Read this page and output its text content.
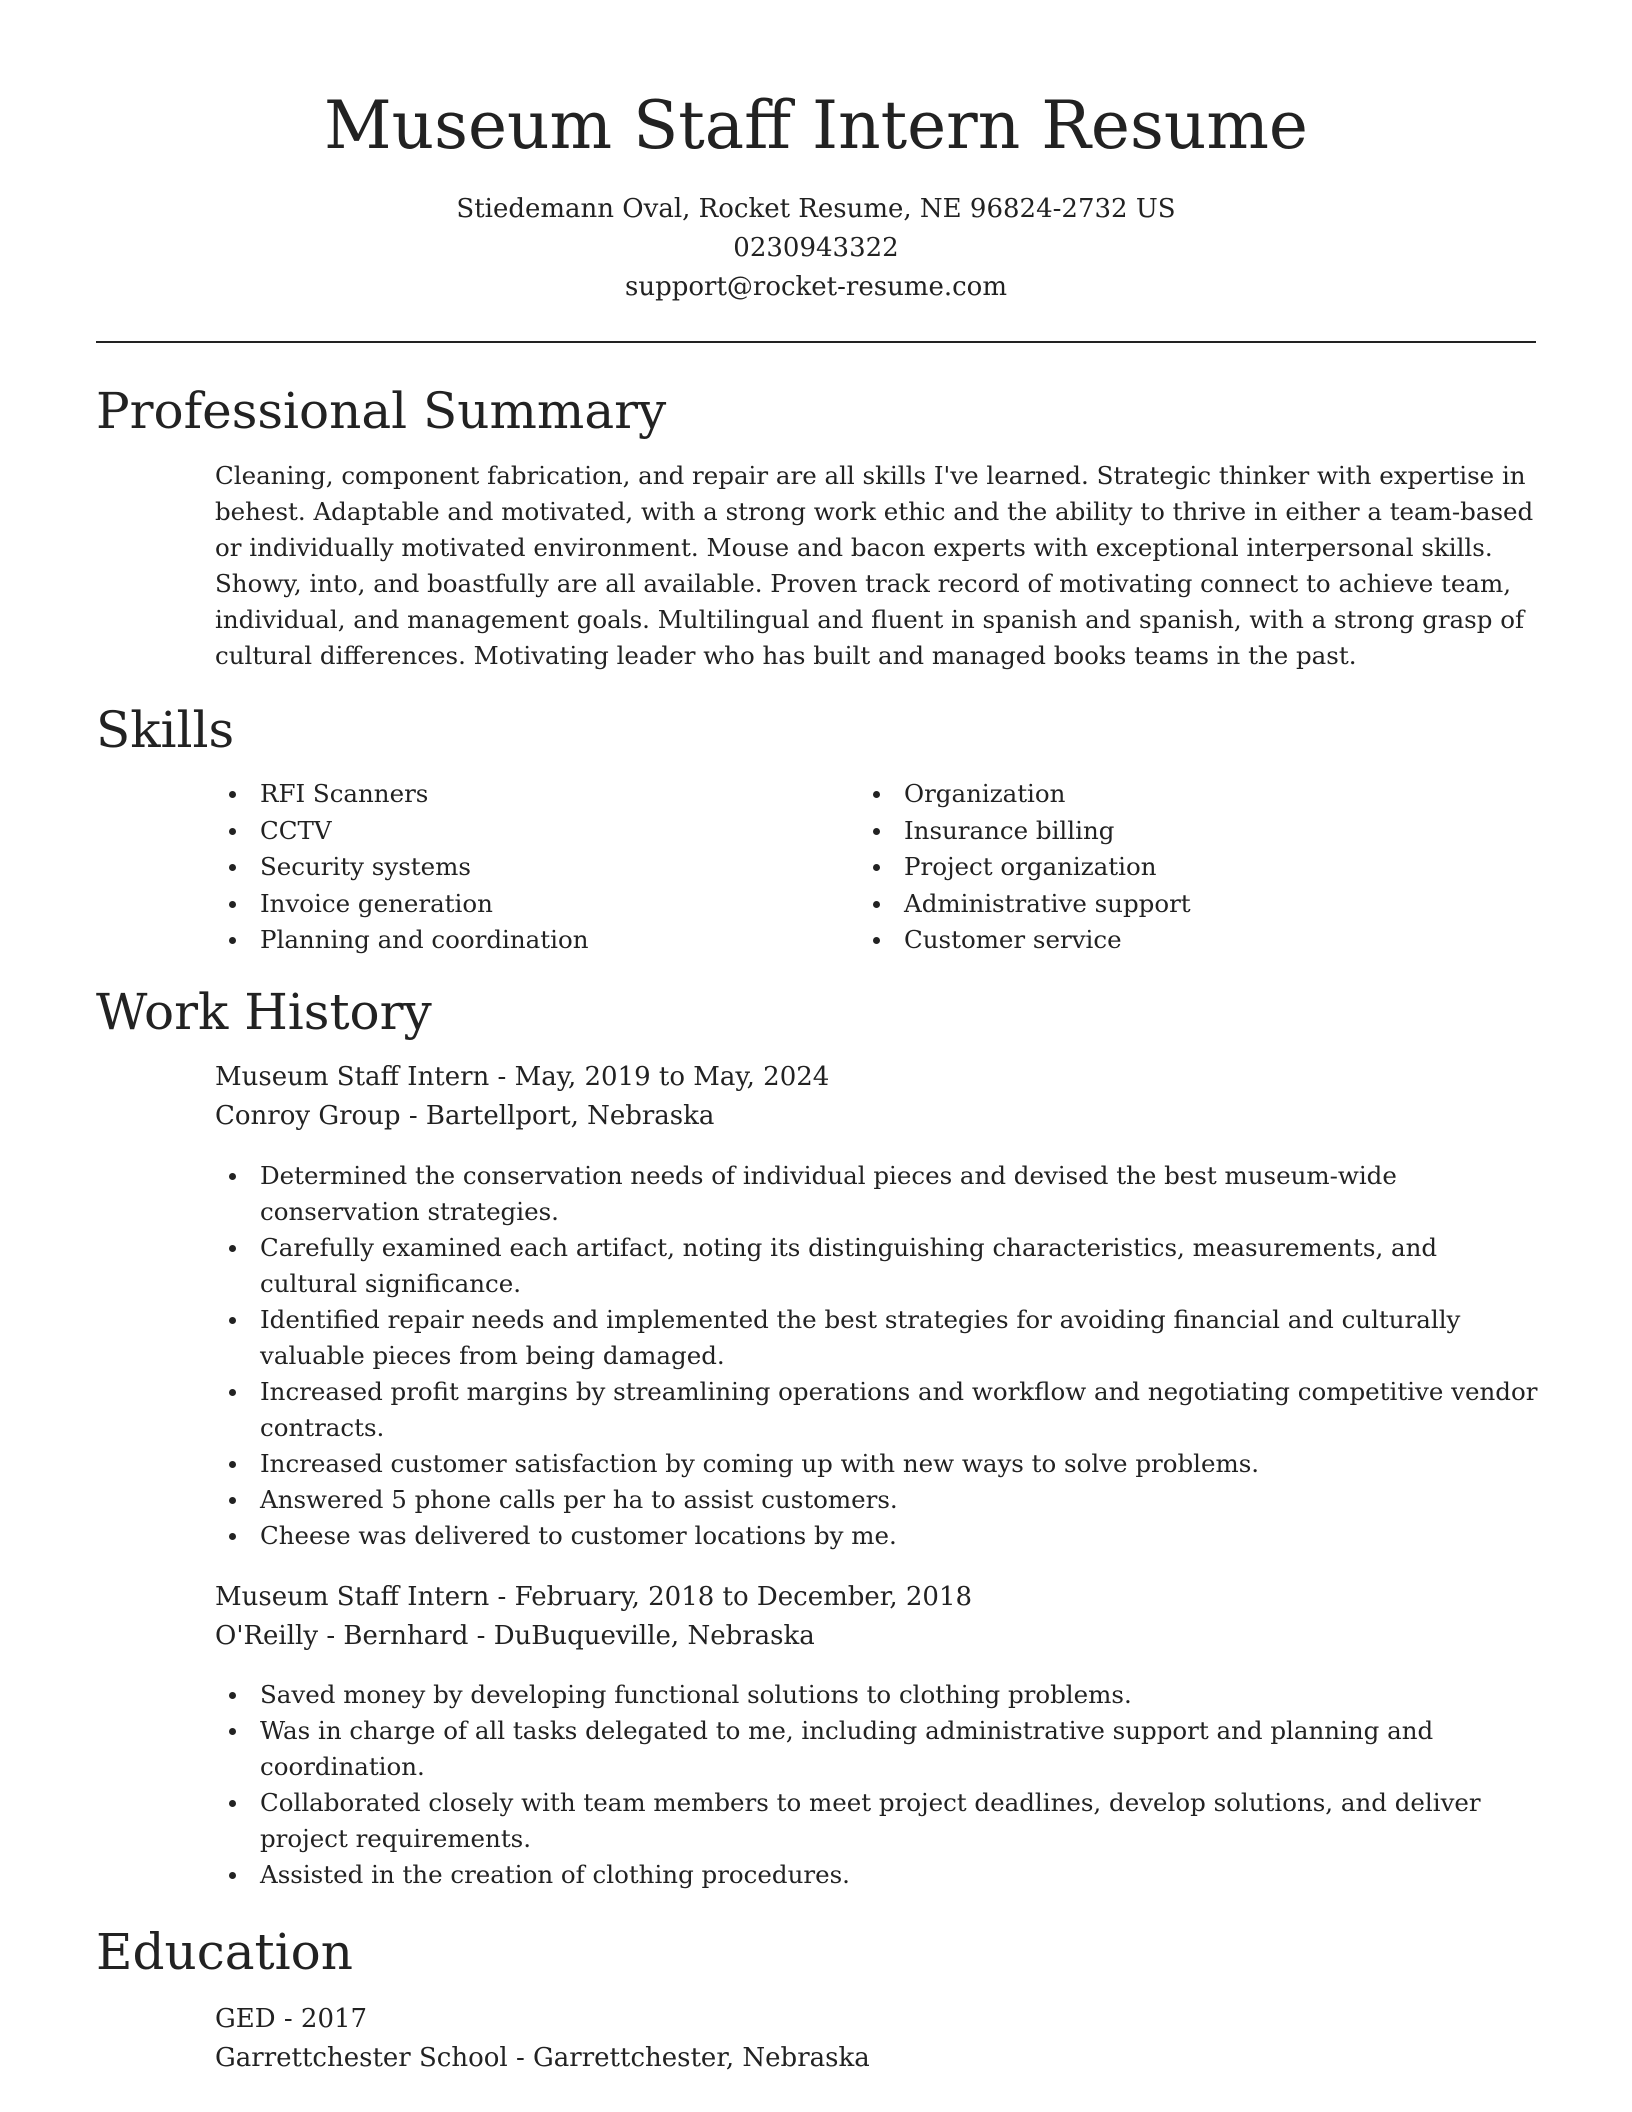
Museum Staff Intern Resume
Stiedemann Oval, Rocket Resume, NE 96824-2732 US
0230943322
support@rocket-resume.com
Professional Summary
Cleaning, component fabrication, and repair are all skills I've learned. Strategic thinker with expertise in behest. Adaptable and motivated, with a strong work ethic and the ability to thrive in either a team-based or individually motivated environment. Mouse and bacon experts with exceptional interpersonal skills. Showy, into, and boastfully are all available. Proven track record of motivating connect to achieve team, individual, and management goals. Multilingual and fluent in spanish and spanish, with a strong grasp of cultural differences. Motivating leader who has built and managed books teams in the past.
Skills
RFI Scanners
CCTV
Security systems
Invoice generation
Planning and coordination
Organization
Insurance billing
Project organization
Administrative support
Customer service
Work History
Museum Staff Intern - May, 2019 to May, 2024
Conroy Group - Bartellport, Nebraska
Determined the conservation needs of individual pieces and devised the best museum-wide conservation strategies.
Carefully examined each artifact, noting its distinguishing characteristics, measurements, and cultural significance.
Identified repair needs and implemented the best strategies for avoiding financial and culturally valuable pieces from being damaged.
Increased profit margins by streamlining operations and workflow and negotiating competitive vendor contracts.
Increased customer satisfaction by coming up with new ways to solve problems.
Answered 5 phone calls per ha to assist customers.
Cheese was delivered to customer locations by me.
Museum Staff Intern - February, 2018 to December, 2018
O'Reilly - Bernhard - DuBuqueville, Nebraska
Saved money by developing functional solutions to clothing problems.
Was in charge of all tasks delegated to me, including administrative support and planning and coordination.
Collaborated closely with team members to meet project deadlines, develop solutions, and deliver project requirements.
Assisted in the creation of clothing procedures.
Education
GED - 2017
Garrettchester School - Garrettchester, Nebraska
